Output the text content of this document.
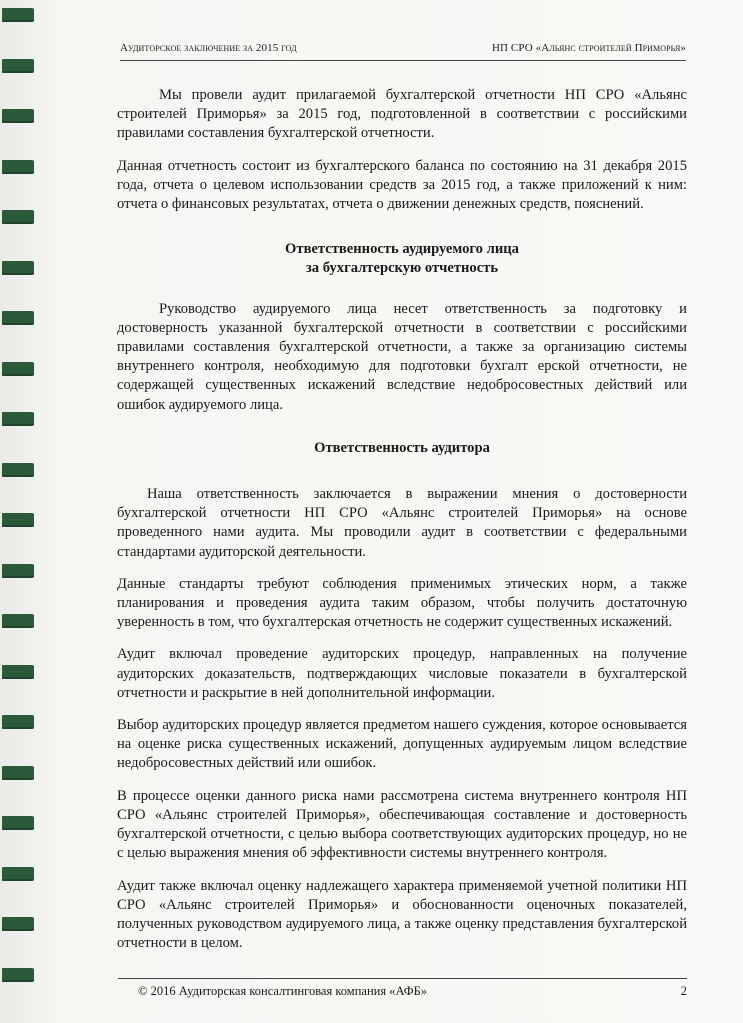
Аудиторское заключение за 2015 год	НП СРО «Альянс строителей Приморья»

Мы провели аудит прилагаемой бухгалтерской отчетности НП СРО «Альянс строителей Приморья» за 2015 год, подготовленной в соответствии с российскими правилами составления бухгалтерской отчетности.

Данная отчетность состоит из бухгалтерского баланса по состоянию на 31 декабря 2015 года, отчета о целевом использовании средств за 2015 год, а также приложений к ним: отчета о финансовых результатах, отчета о движении денежных средств, пояснений.

Ответственность аудируемого лица

за бухгалтерскую отчетность

Руководство аудируемого лица несет ответственность за подготовку и достоверность указанной бухгалтерской отчетности в соответствии с российскими правилами составления бухгалтерской отчетности, а также за организацию системы внутреннего контроля, необходимую для подготовки бухгалт ерской отчетности, не содержащей существенных искажений вследствие недобросовестных действий или ошибок аудируемого лица.

Ответственность аудитора

Наша ответственность заключается в выражении мнения о достоверности бухгалтерской отчетности НП СРО «Альянс строителей Приморья» на основе проведенного нами аудита. Мы проводили аудит в соответствии с федеральными стандартами аудиторской деятельности.

Данные стандарты требуют соблюдения применимых этических норм, а также планирования и проведения аудита таким образом, чтобы получить достаточную уверенность в том, что бухгалтерская отчетность не содержит существенных искажений.

Аудит включал проведение аудиторских процедур, направленных на получение аудиторских доказательств, подтверждающих числовые показатели в бухгалтерской отчетности и раскрытие в ней дополнительной информации.

Выбор аудиторских процедур является предметом нашего суждения, которое основывается на оценке риска существенных искажений, допущенных аудируемым лицом вследствие недобросовестных действий или ошибок.

В процессе оценки данного риска нами рассмотрена система внутреннего контроля НП СРО «Альянс строителей Приморья», обеспечивающая составление и достоверность бухгалтерской отчетности, с целью выбора соответствующих аудиторских процедур, но не с целью выражения мнения об эффективности системы внутреннего контроля.

Аудит также включал оценку надлежащего характера применяемой учетной политики НП СРО «Альянс строителей Приморья» и обоснованности оценочных показателей, полученных руководством аудируемого лица, а также оценку представления бухгалтерской отчетности в целом.

© 2016 Аудиторская консалтинговая компания «АФБ»	2
